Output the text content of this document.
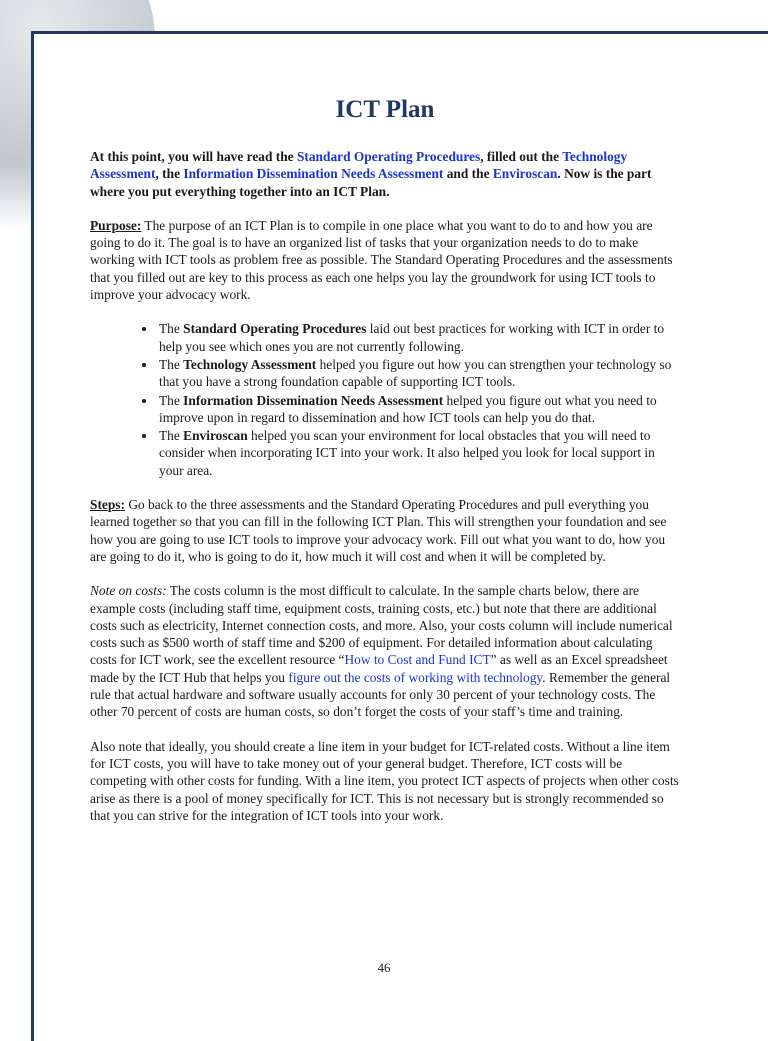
ICT Plan

At this point, you will have read the Standard Operating Procedures, filled out the Technology Assessment, the Information Dissemination Needs Assessment and the Enviroscan. Now is the part where you put everything together into an ICT Plan.

Purpose: The purpose of an ICT Plan is to compile in one place what you want to do to and how you are going to do it. The goal is to have an organized list of tasks that your organization needs to do to make working with ICT tools as problem free as possible. The Standard Operating Procedures and the assessments that you filled out are key to this process as each one helps you lay the groundwork for using ICT tools to improve your advocacy work.

• The Standard Operating Procedures laid out best practices for working with ICT in order to help you see which ones you are not currently following.
• The Technology Assessment helped you figure out how you can strengthen your technology so that you have a strong foundation capable of supporting ICT tools.
• The Information Dissemination Needs Assessment helped you figure out what you need to improve upon in regard to dissemination and how ICT tools can help you do that.
• The Enviroscan helped you scan your environment for local obstacles that you will need to consider when incorporating ICT into your work. It also helped you look for local support in your area.

Steps: Go back to the three assessments and the Standard Operating Procedures and pull everything you learned together so that you can fill in the following ICT Plan. This will strengthen your foundation and see how you are going to use ICT tools to improve your advocacy work. Fill out what you want to do, how you are going to do it, who is going to do it, how much it will cost and when it will be completed by.

Note on costs: The costs column is the most difficult to calculate. In the sample charts below, there are example costs (including staff time, equipment costs, training costs, etc.) but note that there are additional costs such as electricity, Internet connection costs, and more. Also, your costs column will include numerical costs such as $500 worth of staff time and $200 of equipment. For detailed information about calculating costs for ICT work, see the excellent resource “How to Cost and Fund ICT” as well as an Excel spreadsheet made by the ICT Hub that helps you figure out the costs of working with technology. Remember the general rule that actual hardware and software usually accounts for only 30 percent of your technology costs. The other 70 percent of costs are human costs, so don’t forget the costs of your staff’s time and training.

Also note that ideally, you should create a line item in your budget for ICT-related costs. Without a line item for ICT costs, you will have to take money out of your general budget. Therefore, ICT costs will be competing with other costs for funding. With a line item, you protect ICT aspects of projects when other costs arise as there is a pool of money specifically for ICT. This is not necessary but is strongly recommended so that you can strive for the integration of ICT tools into your work.

46
